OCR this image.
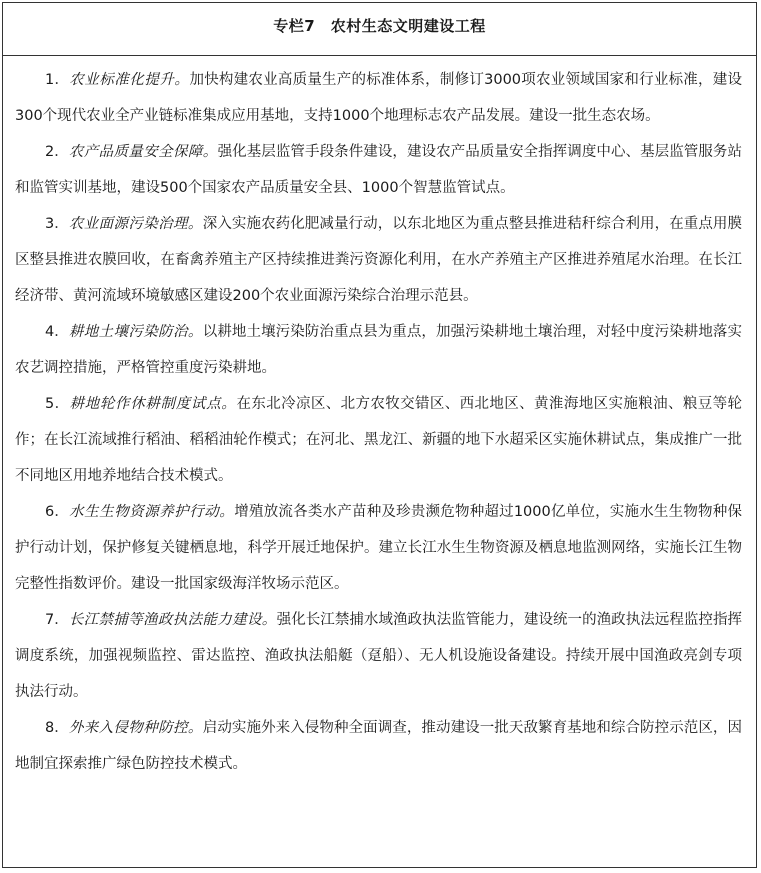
专栏7　农村生态文明建设工程

1．农业标准化提升。加快构建农业高质量生产的标准体系，制修订3000项农业领域国家和行业标准，建设300个现代农业全产业链标准集成应用基地，支持1000个地理标志农产品发展。建设一批生态农场。

2．农产品质量安全保障。强化基层监管手段条件建设，建设农产品质量安全指挥调度中心、基层监管服务站和监管实训基地，建设500个国家农产品质量安全县、1000个智慧监管试点。

3．农业面源污染治理。深入实施农药化肥减量行动，以东北地区为重点整县推进秸秆综合利用，在重点用膜区整县推进农膜回收，在畜禽养殖主产区持续推进粪污资源化利用，在水产养殖主产区推进养殖尾水治理。在长江经济带、黄河流域环境敏感区建设200个农业面源污染综合治理示范县。

4．耕地土壤污染防治。以耕地土壤污染防治重点县为重点，加强污染耕地土壤治理，对轻中度污染耕地落实农艺调控措施，严格管控重度污染耕地。

5．耕地轮作休耕制度试点。在东北冷凉区、北方农牧交错区、西北地区、黄淮海地区实施粮油、粮豆等轮作；在长江流域推行稻油、稻稻油轮作模式；在河北、黑龙江、新疆的地下水超采区实施休耕试点，集成推广一批不同地区用地养地结合技术模式。

6．水生生物资源养护行动。增殖放流各类水产苗种及珍贵濒危物种超过1000亿单位，实施水生生物物种保护行动计划，保护修复关键栖息地，科学开展迁地保护。建立长江水生生物资源及栖息地监测网络，实施长江生物完整性指数评价。建设一批国家级海洋牧场示范区。

7．长江禁捕等渔政执法能力建设。强化长江禁捕水域渔政执法监管能力，建设统一的渔政执法远程监控指挥调度系统，加强视频监控、雷达监控、渔政执法船艇（趸船）、无人机设施设备建设。持续开展中国渔政亮剑专项执法行动。

8．外来入侵物种防控。启动实施外来入侵物种全面调查，推动建设一批天敌繁育基地和综合防控示范区，因地制宜探索推广绿色防控技术模式。
